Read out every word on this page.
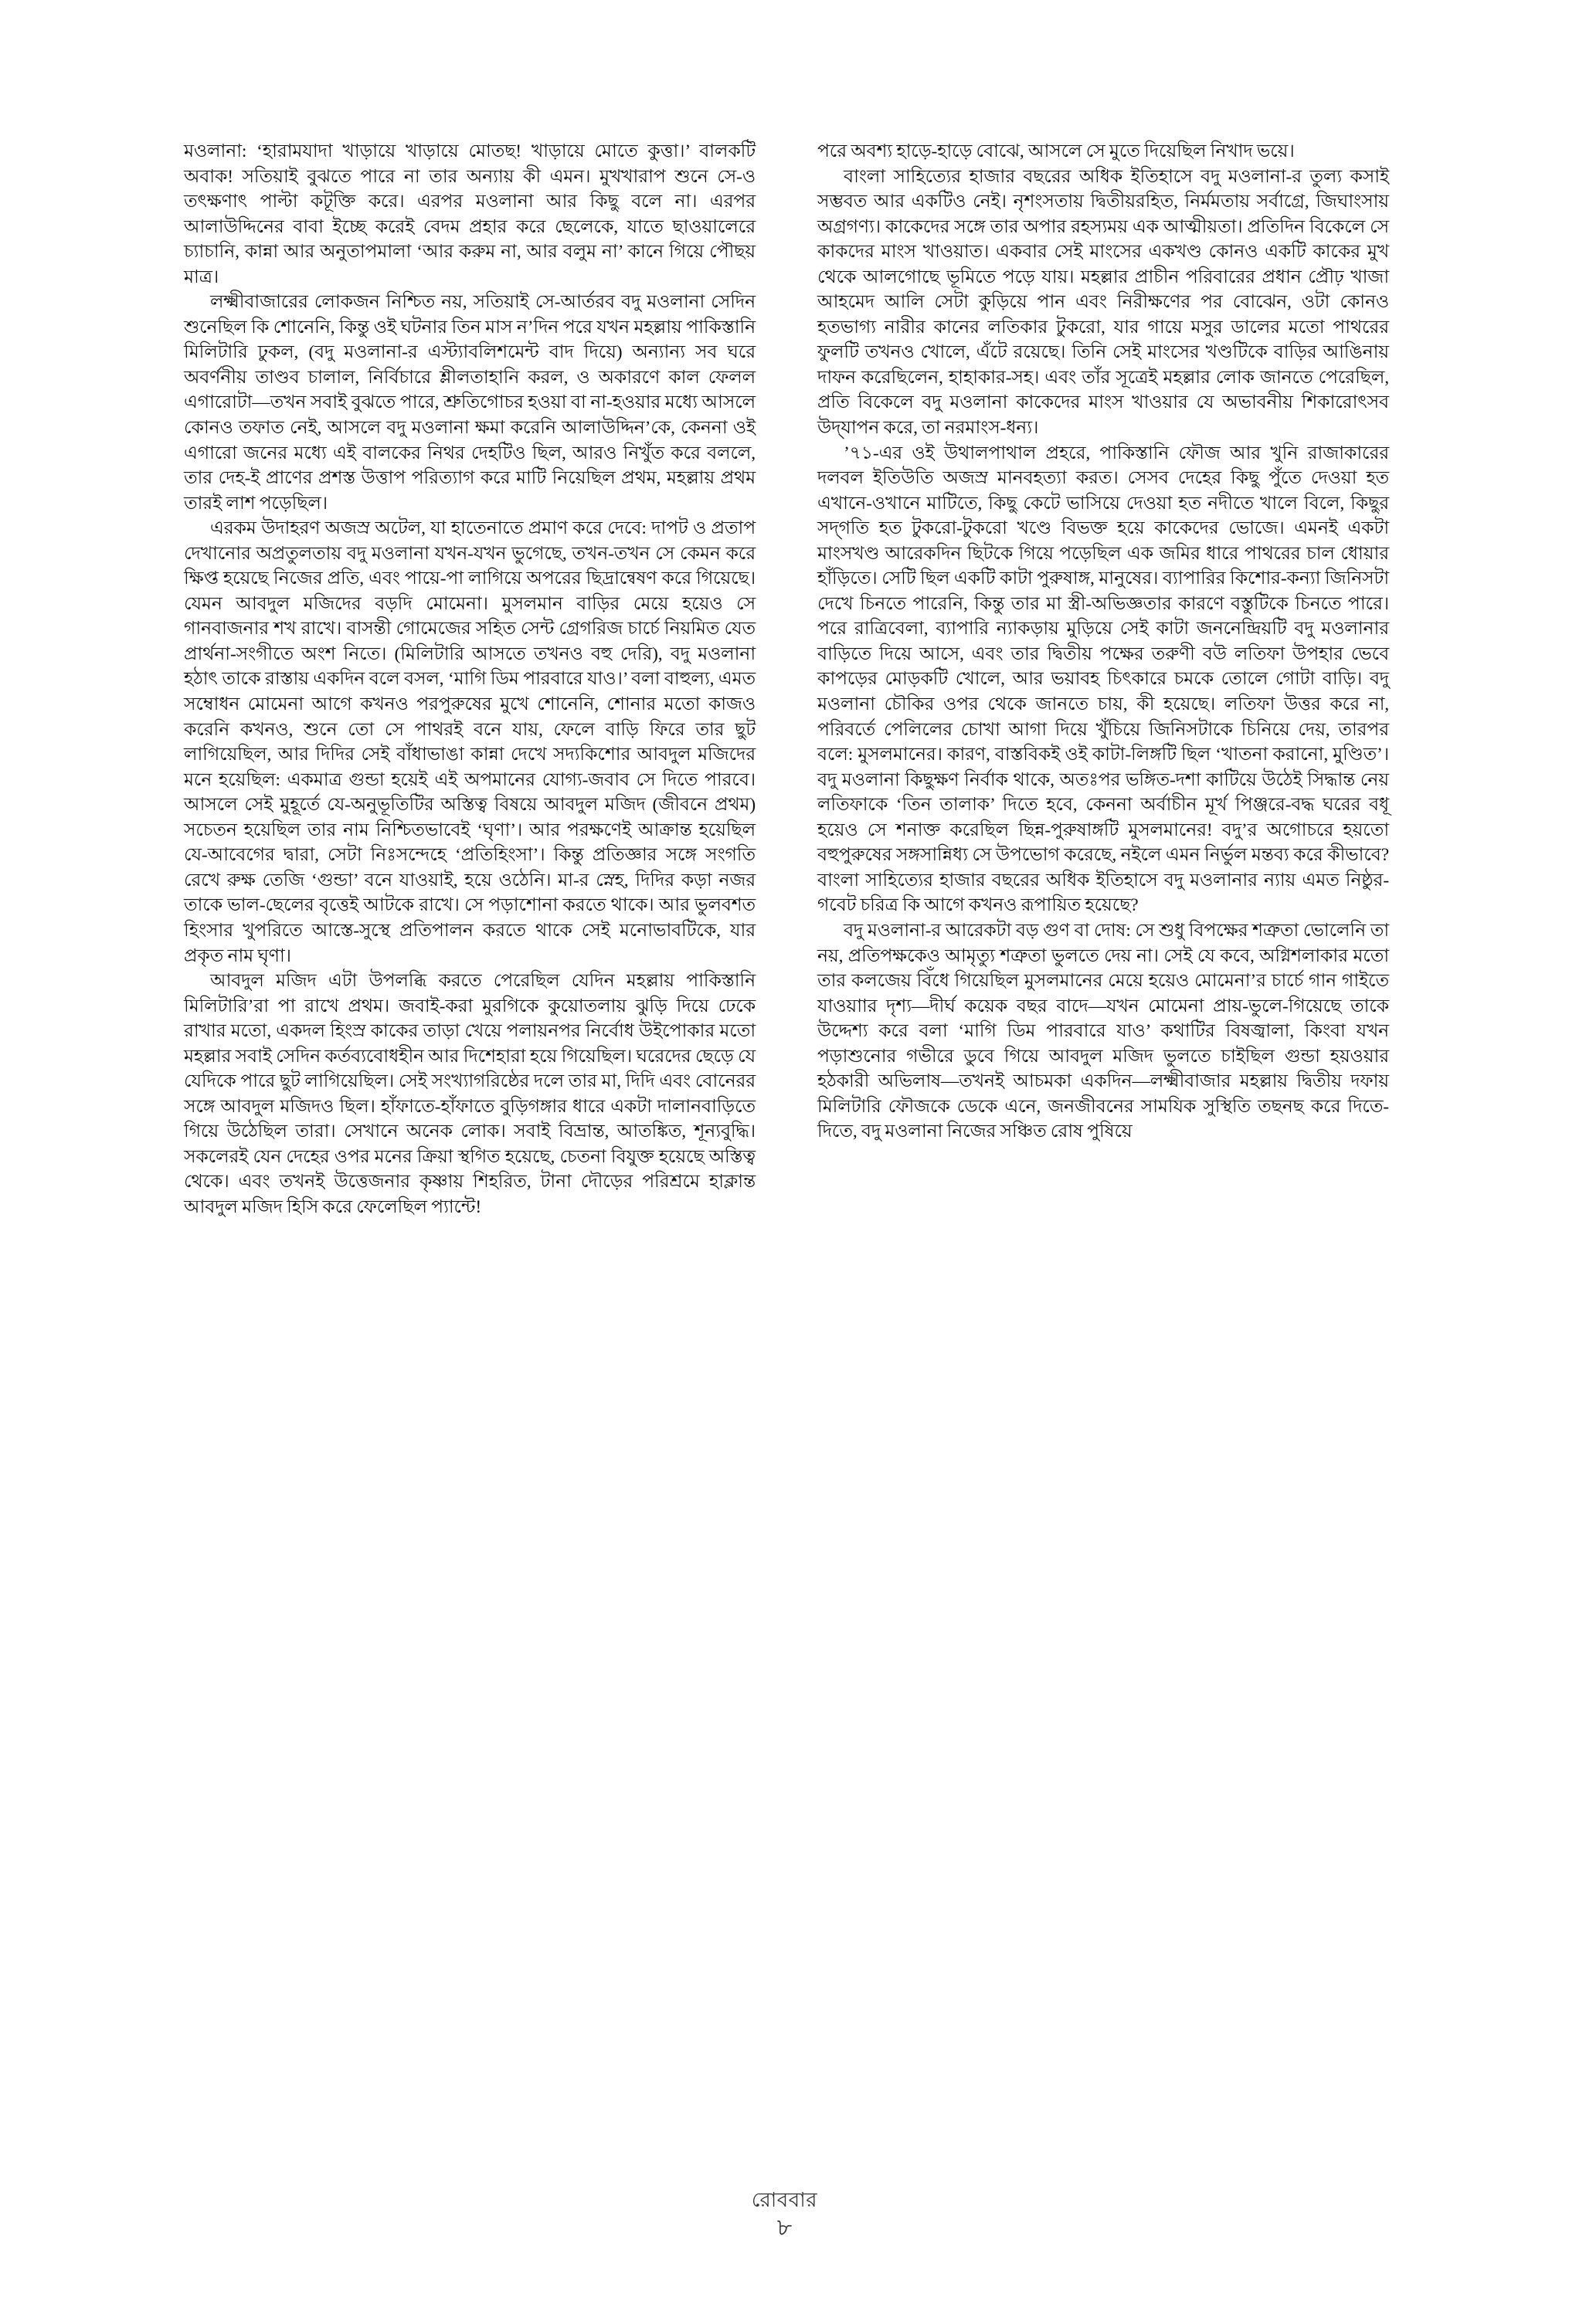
মওলানা: ‘হারামযাদা খাড়ায়ে খাড়ায়ে মোতছ! খাড়ায়ে মোতে কুত্তা।’ বালকটি অবাক! সতিয়াই বুঝতে পারে না তার অন্যায় কী এমন। মুখখারাপ শুনে সে-ও তৎক্ষণাৎ পাল্টা কটূক্তি করে। এরপর মওলানা আর কিছু বলে না। এরপর আলাউদ্দিনের বাবা ইচ্ছে করেই বেদম প্রহার করে ছেলেকে, যাতে ছাওয়ালেরে চ্যাচানি, কান্না আর অনুতাপমালা ‘আর করুম না, আর বলুম না’ কানে গিয়ে পৌছয় মাত্র।

লক্ষ্মীবাজারের লোকজন নিশ্চিত নয়, সতিয়াই সে-আর্তরব বদু মওলানা সেদিন শুনেছিল কি শোনেনি, কিন্তু ওই ঘটনার তিন মাস ন’দিন পরে যখন মহল্লায় পাকিস্তানি মিলিটারি ঢুকল, (বদু মওলানা-র এস্ট্যাবলিশমেন্ট বাদ দিয়ে) অন্যান্য সব ঘরে অবর্ণনীয় তাণ্ডব চালাল, নির্বিচারে শ্লীলতাহানি করল, ও অকারণে কাল ফেলল এগারোটা—তখন সবাই বুঝতে পারে, শ্রুতিগোচর হওয়া বা না-হওয়ার মধ্যে আসলে কোনও তফাত নেই, আসলে বদু মওলানা ক্ষমা করেনি আলাউদ্দিন’কে, কেননা ওই এগারো জনের মধ্যে এই বালকের নিথর দেহটিও ছিল, আরও নিখুঁত করে বললে, তার দেহ-ই প্রাণের প্রশস্ত উত্তাপ পরিত্যাগ করে মাটি নিয়েছিল প্রথম, মহল্লায় প্রথম তারই লাশ পড়েছিল।

এরকম উদাহরণ অজস্র অটেল, যা হাতেনাতে প্রমাণ করে দেবে: দাপট ও প্রতাপ দেখানোর অপ্রতুলতায় বদু মওলানা যখন-যখন ভুগেছে, তখন-তখন সে কেমন করে ক্ষিপ্ত হয়েছে নিজের প্রতি, এবং পায়ে-পা লাগিয়ে অপরের ছিদ্রান্বেষণ করে গিয়েছে। যেমন আবদুল মজিদের বড়দি মোমেনা। মুসলমান বাড়ির মেয়ে হয়েও সে গানবাজনার শখ রাখে। বাসন্তী গোমেজের সহিত সেন্ট গ্রেগরিজ চার্চে নিয়মিত যেত প্রার্থনা-সংগীতে অংশ নিতে। (মিলিটারি আসতে তখনও বহু দেরি), বদু মওলানা হঠাৎ তাকে রাস্তায় একদিন বলে বসল, ‘মাগি ডিম পারবারে যাও।’ বলা বাহুল্য, এমত সম্বোধন মোমেনা আগে কখনও পরপুরুষের মুখে শোনেনি, শোনার মতো কাজও করেনি কখনও, শুনে তো সে পাথরই বনে যায়, ফেলে বাড়ি ফিরে তার ছুট লাগিয়েছিল, আর দিদির সেই বাঁধাভাঙা কান্না দেখে সদ্যকিশোর আবদুল মজিদের মনে হয়েছিল: একমাত্র গুন্ডা হয়েই এই অপমানের যোগ্য-জবাব সে দিতে পারবে। আসলে সেই মুহূর্তে যে-অনুভূতিটির অস্তিত্ব বিষয়ে আবদুল মজিদ (জীবনে প্রথম) সচেতন হয়েছিল তার নাম নিশ্চিতভাবেই ‘ঘৃণা’। আর পরক্ষণেই আক্রান্ত হয়েছিল যে-আবেগের দ্বারা, সেটা নিঃসন্দেহে ‘প্রতিহিংসা’। কিন্তু প্রতিজ্ঞার সঙ্গে সংগতি রেখে রুক্ষ তেজি ‘গুন্ডা’ বনে যাওয়াই, হয়ে ওঠেনি। মা-র স্নেহ, দিদির কড়া নজর তাকে ভাল-ছেলের বৃত্তেই আটকে রাখে। সে পড়াশোনা করতে থাকে। আর ভুলবশত হিংসার খুপরিতে আস্তে-সুস্থে প্রতিপালন করতে থাকে সেই মনোভাবটিকে, যার প্রকৃত নাম ঘৃণা।

আবদুল মজিদ এটা উপলব্ধি করতে পেরেছিল যেদিন মহল্লায় পাকিস্তানি মিলিটারি’রা পা রাখে প্রথম। জবাই-করা মুরগিকে কুয়োতলায় ঝুড়ি দিয়ে ঢেকে রাখার মতো, একদল হিংস্র কাকের তাড়া খেয়ে পলায়নপর নির্বোধ উইপোকার মতো মহল্লার সবাই সেদিন কর্তব্যবোধহীন আর দিশেহারা হয়ে গিয়েছিল। ঘরেদের ছেড়ে যে যেদিকে পারে ছুট লাগিয়েছিল। সেই সংখ্যাগরিষ্ঠের দলে তার মা, দিদি এবং বোনেরর সঙ্গে আবদুল মজিদও ছিল। হাঁফাতে-হাঁফাতে বুড়িগঙ্গার ধারে একটা দালানবাড়িতে গিয়ে উঠেছিল তারা। সেখানে অনেক লোক। সবাই বিভ্রান্ত, আতঙ্কিত, শূন্যবুদ্ধি। সকলেরই যেন দেহের ওপর মনের ক্রিয়া স্থগিত হয়েছে, চেতনা বিযুক্ত হয়েছে অস্তিত্ব থেকে। এবং তখনই উত্তেজনার কৃষ্ণায় শিহরিত, টানা দৌড়ের পরিশ্রমে হাক্লান্ত আবদুল মজিদ হিসি করে ফেলেছিল প্যান্টে!

পরে অবশ্য হাড়ে-হাড়ে বোঝে, আসলে সে মুতে দিয়েছিল নিখাদ ভয়ে।

বাংলা সাহিত্যের হাজার বছরের অধিক ইতিহাসে বদু মওলানা-র তুল্য কসাই সম্ভবত আর একটিও নেই। নৃশংসতায় দ্বিতীয়রহিত, নির্মমতায় সর্বাগ্রে, জিঘাংসায় অগ্রগণ্য। কাকেদের সঙ্গে তার অপার রহস্যময় এক আত্মীয়তা। প্রতিদিন বিকেলে সে কাকদের মাংস খাওয়াত। একবার সেই মাংসের একখণ্ড কোনও একটি কাকের মুখ থেকে আলগোছে ভূমিতে পড়ে যায়। মহল্লার প্রাচীন পরিবারের প্রধান প্রৌঢ় খাজা আহমেদ আলি সেটা কুড়িয়ে পান এবং নিরীক্ষণের পর বোঝেন, ওটা কোনও হতভাগ্য নারীর কানের লতিকার টুকরো, যার গায়ে মসুর ডালের মতো পাথরের ফুলটি তখনও খোলে, এঁটে রয়েছে। তিনি সেই মাংসের খণ্ডটিকে বাড়ির আঙিনায় দাফন করেছিলেন, হাহাকার-সহ। এবং তাঁর সূত্রেই মহল্লার লোক জানতে পেরেছিল, প্রতি বিকেলে বদু মওলানা কাকেদের মাংস খাওয়ার যে অভাবনীয় শিকারোৎসব উদ্‌যাপন করে, তা নরমাংস-ধন্য।

’৭১-এর ওই উথালপাথাল প্রহরে, পাকিস্তানি ফৌজ আর খুনি রাজাকারের দলবল ইতিউতি অজস্র মানবহত্যা করত। সেসব দেহের কিছু পুঁতে দেওয়া হত এখানে-ওখানে মাটিতে, কিছু কেটে ভাসিয়ে দেওয়া হত নদীতে খালে বিলে, কিছুর সদ্‌গতি হত টুকরো-টুকরো খণ্ডে বিভক্ত হয়ে কাকেদের ভোজে। এমনই একটা মাংসখণ্ড আরেকদিন ছিটকে গিয়ে পড়েছিল এক জমির ধারে পাথরের চাল ধোয়ার হাঁড়িতে। সেটি ছিল একটি কাটা পুরুষাঙ্গ, মানুষের। ব্যাপারির কিশোর-কন্যা জিনিসটা দেখে চিনতে পারেনি, কিন্তু তার মা স্ত্রী-অভিজ্ঞতার কারণে বস্তুটিকে চিনতে পারে। পরে রাত্রিবেলা, ব্যাপারি ন্যাকড়ায় মুড়িয়ে সেই কাটা জননেন্দ্রিয়টি বদু মওলানার বাড়িতে দিয়ে আসে, এবং তার দ্বিতীয় পক্ষের তরুণী বউ লতিফা উপহার ভেবে কাপড়ের মোড়কটি খোলে, আর ভয়াবহ চিৎকারে চমকে তোলে গোটা বাড়ি। বদু মওলানা চৌকির ওপর থেকে জানতে চায়, কী হয়েছে। লতিফা উত্তর করে না, পরিবর্তে পেলিলের চোখা আগা দিয়ে খুঁচিয়ে জিনিসটাকে চিনিয়ে দেয়, তারপর বলে: মুসলমানের। কারণ, বাস্তবিকই ওই কাটা-লিঙ্গটি ছিল ‘খাতনা করানো, মুণ্ডিত’। বদু মওলানা কিছুক্ষণ নির্বাক থাকে, অতঃপর ভঙ্গিত-দশা কাটিয়ে উঠেই সিদ্ধান্ত নেয় লতিফাকে ‘তিন তালাক’ দিতে হবে, কেননা অর্বাচীন মূর্খ পিঞ্জরে-বদ্ধ ঘরের বধূ হয়েও সে শনাক্ত করেছিল ছিন্ন-পুরুষাঙ্গটি মুসলমানের! বদু’র অগোচরে হয়তো বহুপুরুষের সঙ্গসান্নিধ্য সে উপভোগ করেছে, নইলে এমন নির্ভুল মন্তব্য করে কীভাবে? বাংলা সাহিত্যের হাজার বছরের অধিক ইতিহাসে বদু মওলানার ন্যায় এমত নিষ্ঠুর-গবেট চরিত্র কি আগে কখনও রূপায়িত হয়েছে?

বদু মওলানা-র আরেকটা বড় গুণ বা দোষ: সে শুধু বিপক্ষের শত্রুতা ভোলেনি তা নয়, প্রতিপক্ষকেও আমৃত্যু শত্রুতা ভুলতে দেয় না। সেই যে কবে, অগ্নিশলাকার মতো তার কলজেয় বিঁধে গিয়েছিল মুসলমানের মেয়ে হয়েও মোমেনা’র চার্চে গান গাইতে যাওয়াার দৃশ্য—দীর্ঘ কয়েক বছর বাদে—যখন মোমেনা প্রায়-ভুলে-গিয়েছে তাকে উদ্দেশ্য করে বলা ‘মাগি ডিম পারবারে যাও’ কথাটির বিষজ্বালা, কিংবা যখন পড়াশুনোর গভীরে ডুবে গিয়ে আবদুল মজিদ ভুলতে চাইছিল গুন্ডা হয়ওয়ার হঠকারী অভিলাষ—তখনই আচমকা একদিন—লক্ষ্মীবাজার মহল্লায় দ্বিতীয় দফায় মিলিটারি ফৌজকে ডেকে এনে, জনজীবনের সামযিক সুস্থিতি তছনছ করে দিতে-দিতে, বদু মওলানা নিজের সঞ্চিত রোষ পুষিয়ে

রোববার
৮
